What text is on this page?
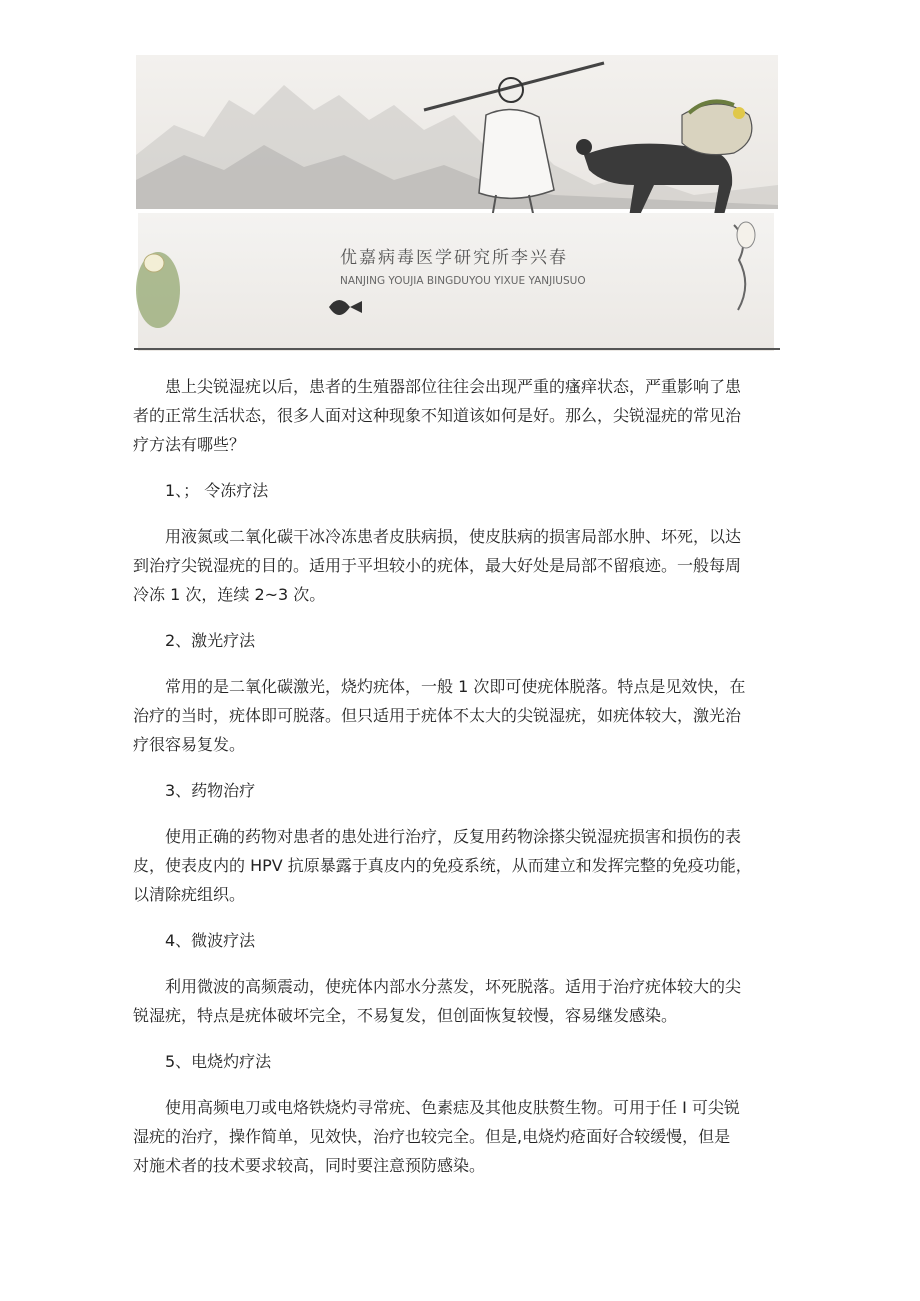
优嘉病毒医学研究所李兴春
NANJING YOUJIA BINGDUYOU YIXUE YANJIUSUO

患上尖锐湿疣以后，患者的生殖器部位往往会出现严重的瘙痒状态，严重影响了患
者的正常生活状态，很多人面对这种现象不知道该如何是好。那么，尖锐湿疣的常见治
疗方法有哪些？

1、； 令冻疗法

用液氮或二氧化碳干冰冷冻患者皮肤病损，使皮肤病的损害局部水肿、坏死，以达
到治疗尖锐湿疣的目的。适用于平坦较小的疣体，最大好处是局部不留痕迹。一般每周
冷冻 1 次，连续 2~3 次。

2、激光疗法

常用的是二氧化碳激光，烧灼疣体，一般 1 次即可使疣体脱落。特点是见效快，在
治疗的当时，疣体即可脱落。但只适用于疣体不太大的尖锐湿疣，如疣体较大，激光治
疗很容易复发。

3、药物治疗

使用正确的药物对患者的患处进行治疗，反复用药物涂搽尖锐湿疣损害和损伤的表
皮，使表皮内的 HPV 抗原暴露于真皮内的免疫系统，从而建立和发挥完整的免疫功能，
以清除疣组织。

4、微波疗法

利用微波的高频震动，使疣体内部水分蒸发，坏死脱落。适用于治疗疣体较大的尖
锐湿疣，特点是疣体破坏完全，不易复发，但创面恢复较慢，容易继发感染。

5、电烧灼疗法

使用高频电刀或电烙铁烧灼寻常疣、色素痣及其他皮肤赘生物。可用于任 I 可尖锐
湿疣的治疗，操作简单，见效快，治疗也较完全。但是,电烧灼疮面好合较缓慢，但是
对施术者的技术要求较高，同时要注意预防感染。
